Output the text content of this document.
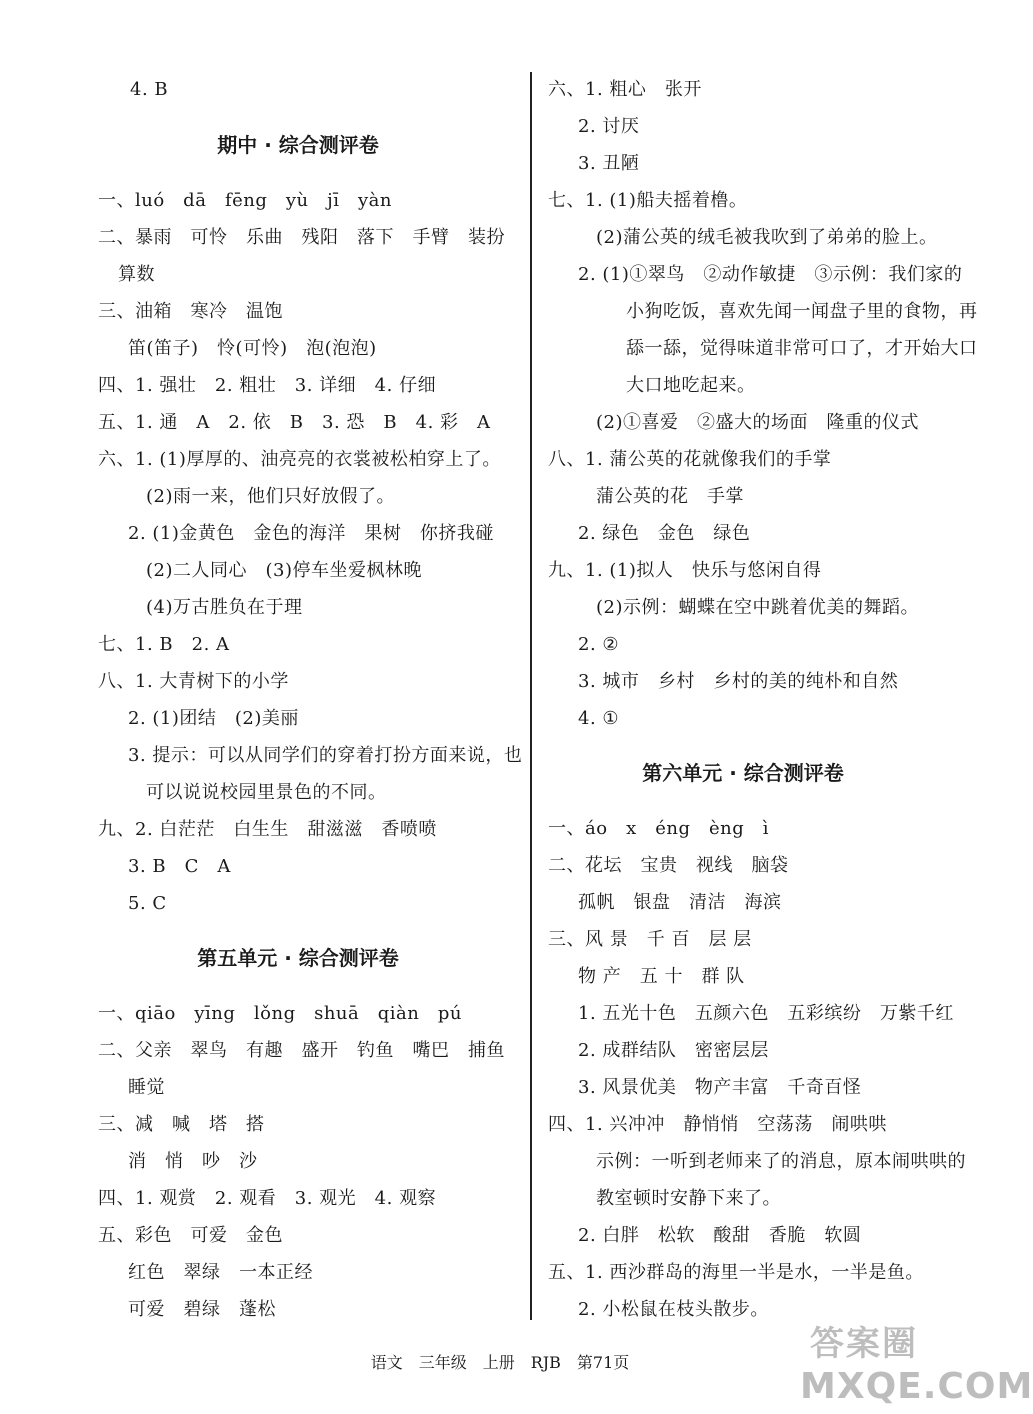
4. B
期中 · 综合测评卷
一、luó　dā　fēng　yù　jī　yàn
二、暴雨　可怜　乐曲　残阳　落下　手臂　装扮
算数
三、油箱　寒冷　温饱
笛(笛子)　怜(可怜)　泡(泡泡)
四、1. 强壮　2. 粗壮　3. 详细　4. 仔细
五、1. 通　A　2. 依　B　3. 恐　B　4. 彩　A
六、1. (1)厚厚的、油亮亮的衣裳被松柏穿上了。
(2)雨一来，他们只好放假了。
2. (1)金黄色　金色的海洋　果树　你挤我碰
(2)二人同心　(3)停车坐爱枫林晚
(4)万古胜负在于理
七、1. B　2. A
八、1. 大青树下的小学
2. (1)团结　(2)美丽
3. 提示：可以从同学们的穿着打扮方面来说，也
可以说说校园里景色的不同。
九、2. 白茫茫　白生生　甜滋滋　香喷喷
3. B　C　A
5. C
第五单元 · 综合测评卷
一、qiāo　yīng　lǒng　shuā　qiàn　pú
二、父亲　翠鸟　有趣　盛开　钓鱼　嘴巴　捕鱼
睡觉
三、减　喊　塔　搭
消　悄　吵　沙
四、1. 观赏　2. 观看　3. 观光　4. 观察
五、彩色　可爱　金色
红色　翠绿　一本正经
可爱　碧绿　蓬松
六、1. 粗心　张开
2. 讨厌
3. 丑陋
七、1. (1)船夫摇着橹。
(2)蒲公英的绒毛被我吹到了弟弟的脸上。
2. (1)①翠鸟　②动作敏捷　③示例：我们家的
小狗吃饭，喜欢先闻一闻盘子里的食物，再
舔一舔，觉得味道非常可口了，才开始大口
大口地吃起来。
(2)①喜爱　②盛大的场面　隆重的仪式
八、1. 蒲公英的花就像我们的手掌
蒲公英的花　手掌
2. 绿色　金色　绿色
九、1. (1)拟人　快乐与悠闲自得
(2)示例：蝴蝶在空中跳着优美的舞蹈。
2. ②
3. 城市　乡村　乡村的美的纯朴和自然
4. ①
第六单元 · 综合测评卷
一、áo　x　éng　èng　ì
二、花坛　宝贵　视线　脑袋
孤帆　银盘　清洁　海滨
三、风 景　千 百　层 层
物 产　五 十　群 队
1. 五光十色　五颜六色　五彩缤纷　万紫千红
2. 成群结队　密密层层
3. 风景优美　物产丰富　千奇百怪
四、1. 兴冲冲　静悄悄　空荡荡　闹哄哄
示例：一听到老师来了的消息，原本闹哄哄的
教室顿时安静下来了。
2. 白胖　松软　酸甜　香脆　软圆
五、1. 西沙群岛的海里一半是水，一半是鱼。
2. 小松鼠在枝头散步。
语文　三年级　上册　RJB　第71页	答案圈
MXQE.COM
